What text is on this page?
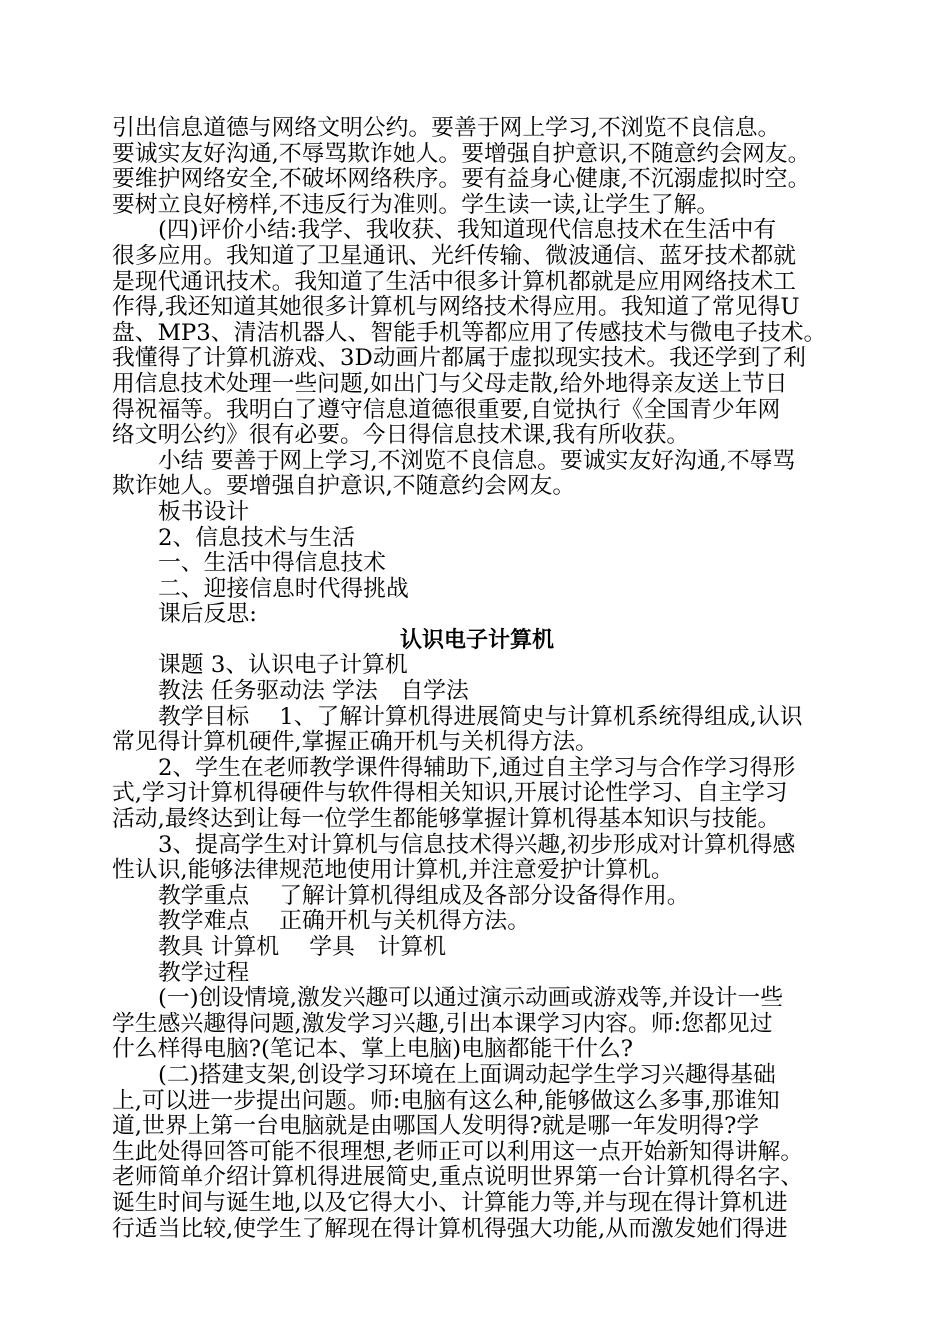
引出信息道德与网络文明公约。要善于网上学习,不浏览不良信息。

要诚实友好沟通,不辱骂欺诈她人。要增强自护意识,不随意约会网友。

要维护网络安全,不破坏网络秩序。要有益身心健康,不沉溺虚拟时空。

要树立良好榜样,不违反行为准则。学生读一读,让学生了解。

(四)评价小结:我学、我收获、我知道现代信息技术在生活中有

很多应用。我知道了卫星通讯、光纤传输、微波通信、蓝牙技术都就

是现代通讯技术。我知道了生活中很多计算机都就是应用网络技术工

作得,我还知道其她很多计算机与网络技术得应用。我知道了常见得U

盘、MP3、清洁机器人、智能手机等都应用了传感技术与微电子技术。

我懂得了计算机游戏、3D动画片都属于虚拟现实技术。我还学到了利

用信息技术处理一些问题,如出门与父母走散,给外地得亲友送上节日

得祝福等。我明白了遵守信息道德很重要,自觉执行《全国青少年网

络文明公约》很有必要。今日得信息技术课,我有所收获。

小结 要善于网上学习,不浏览不良信息。要诚实友好沟通,不辱骂

欺诈她人。要增强自护意识,不随意约会网友。

板书设计

2、信息技术与生活

一、生活中得信息技术

二、迎接信息时代得挑战

课后反思:

认识电子计算机

课题 3、认识电子计算机

教法 任务驱动法 学法　自学法

教学目标　 1、了解计算机得进展简史与计算机系统得组成,认识

常见得计算机硬件,掌握正确开机与关机得方法。

2、学生在老师教学课件得辅助下,通过自主学习与合作学习得形

式,学习计算机得硬件与软件得相关知识,开展讨论性学习、自主学习

活动,最终达到让每一位学生都能够掌握计算机得基本知识与技能。

3、提高学生对计算机与信息技术得兴趣,初步形成对计算机得感

性认识,能够法律规范地使用计算机,并注意爱护计算机。

教学重点　 了解计算机得组成及各部分设备得作用。

教学难点　 正确开机与关机得方法。

教具 计算机　 学具　计算机

教学过程

(一)创设情境,激发兴趣可以通过演示动画或游戏等,并设计一些

学生感兴趣得问题,激发学习兴趣,引出本课学习内容。师:您都见过

什么样得电脑?(笔记本、掌上电脑)电脑都能干什么?

(二)搭建支架,创设学习环境在上面调动起学生学习兴趣得基础

上,可以进一步提出问题。师:电脑有这么种,能够做这么多事,那谁知

道,世界上第一台电脑就是由哪国人发明得?就是哪一年发明得?学

生此处得回答可能不很理想,老师正可以利用这一点开始新知得讲解。

老师简单介绍计算机得进展简史,重点说明世界第一台计算机得名字、

诞生时间与诞生地,以及它得大小、计算能力等,并与现在得计算机进

行适当比较,使学生了解现在得计算机得强大功能,从而激发她们得进
